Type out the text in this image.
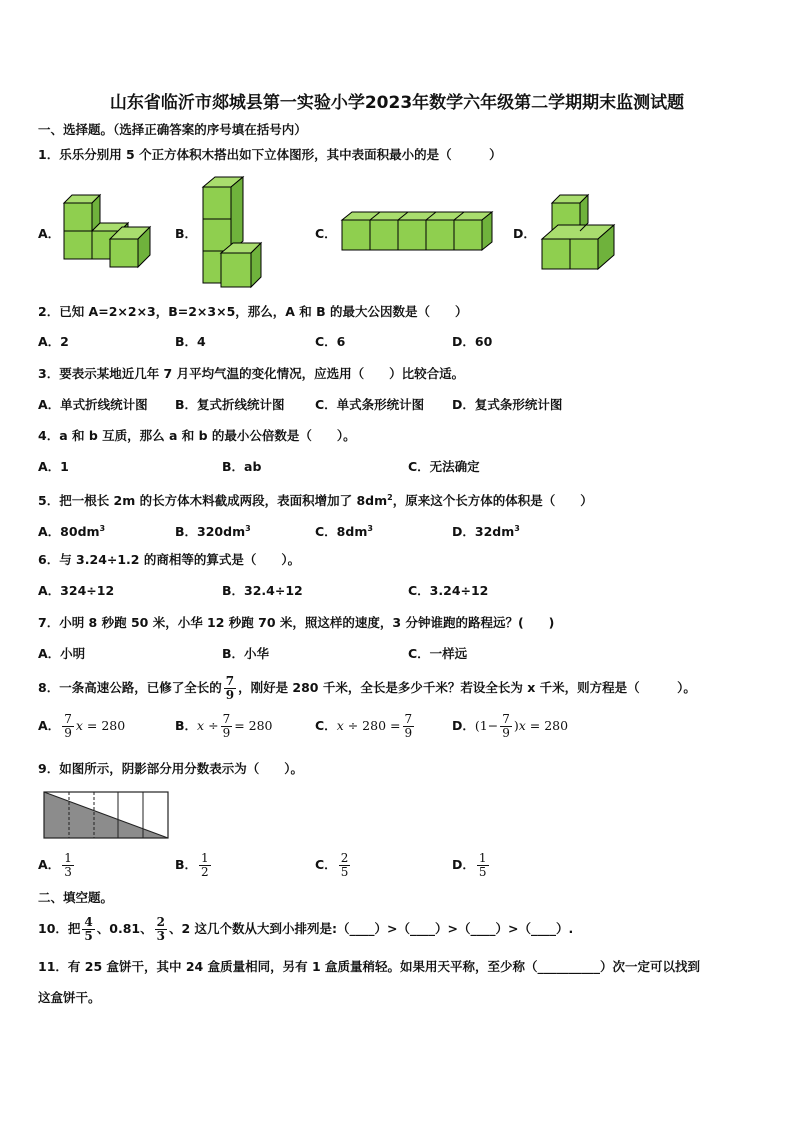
山东省临沂市郯城县第一实验小学2023年数学六年级第二学期期末监测试题
一、选择题。（选择正确答案的序号填在括号内）
1．乐乐分别用 5 个正方体积木搭出如下立体图形，其中表面积最小的是（　　　）
A．	B．	C．	D．
2．已知 A=2×2×3，B=2×3×5，那么，A 和 B 的最大公因数是（　　）
A．2	B．4	C．6	D．60
3．要表示某地近几年 7 月平均气温的变化情况，应选用（　　）比较合适。
A．单式折线统计图 B．复式折线统计图 C．单式条形统计图 D．复式条形统计图
4．a 和 b 互质，那么 a 和 b 的最小公倍数是（　　）。
A．1	B．ab	C．无法确定
5．把一根长 2m 的长方体木料截成两段，表面积增加了 $8dm^2$，原来这个长方体的体积是（　　）
A．$80dm^3$	B．$320dm^3$	C．$8dm^3$	D．$32dm^3$
6．与 3.24÷1.2 的商相等的算式是（　　）。
A．324÷12	B．32.4÷12	C．3.24÷12
7．小明 8 秒跑 50 米，小华 12 秒跑 70 米，照这样的速度，3 分钟谁跑的路程远？(　　)
A．小明	B．小华	C．一样远
8．一条高速公路，已修了全长的 $\frac{7}{9}$ ，刚好是 280 千米，全长是多少千米？若设全长为 x 千米，则方程是（　　　）。
A． $\frac{7}{9}$ x = 280	B．$x \div \frac{7}{9} = 280$	C．$x \div 280 = \frac{7}{9}$	D．$(1- \frac{7}{9} )x = 280$
9．如图所示，阴影部分用分数表示为（　　）。
A． $\frac{1}{3}$	B． $\frac{1}{2}$	C． $\frac{2}{5}$	D． $\frac{1}{5}$
二、填空题。
10．把 $\frac{4}{5}$ 、0.81、 $\frac{2}{3}$ 、2 这几个数从大到小排列是:（____）>（____）>（____）>（____）.
11．有 25 盒饼干，其中 24 盒质量相同，另有 1 盒质量稍轻。如果用天平称，至少称（__________）次一定可以找到
这盒饼干。
